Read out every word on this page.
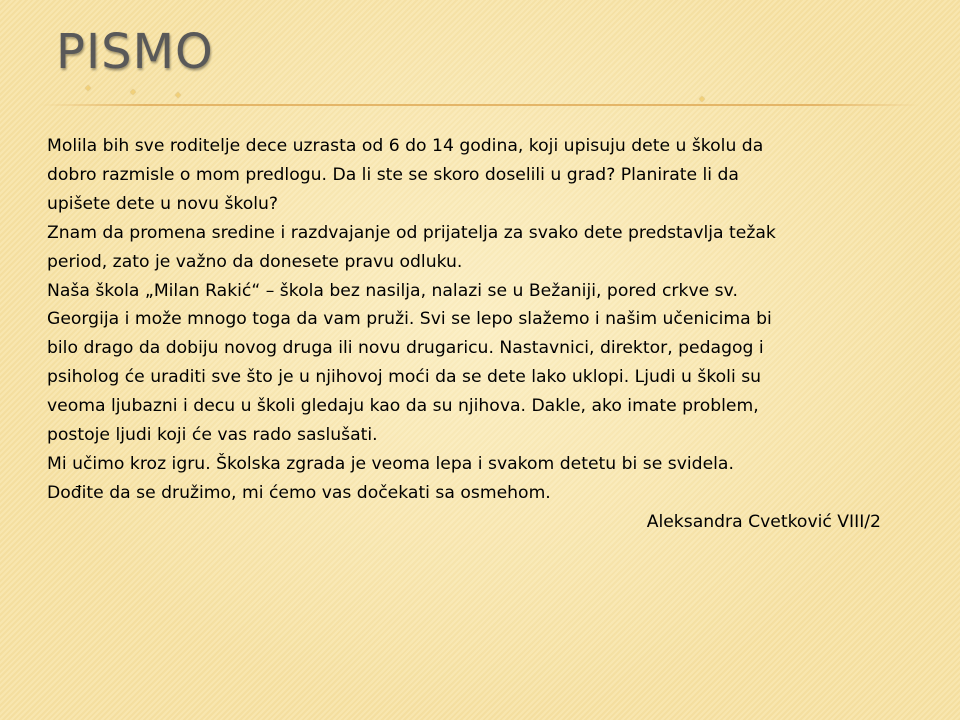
PISMO

Molila bih sve roditelje dece uzrasta od 6 do 14 godina, koji upisuju dete u školu da

dobro razmisle o mom predlogu. Da li ste se skoro doselili u grad? Planirate li da

upišete dete u novu školu?

Znam da promena sredine i razdvajanje od prijatelja za svako dete predstavlja težak

period, zato je važno da donesete pravu odluku.

Naša škola „Milan Rakić“ – škola bez nasilja, nalazi se u Bežaniji, pored crkve sv.

Georgija i može mnogo toga da vam pruži. Svi se lepo slažemo i našim učenicima bi

bilo drago da dobiju novog druga ili novu drugaricu. Nastavnici, direktor, pedagog i

psiholog će uraditi sve što je u njihovoj moći da se dete lako uklopi. Ljudi u školi su

veoma ljubazni i decu u školi gledaju kao da su njihova. Dakle, ako imate problem,

postoje ljudi koji će vas rado saslušati.

Mi učimo kroz igru. Školska zgrada je veoma lepa i svakom detetu bi se svidela.

Dođite da se družimo, mi ćemo vas dočekati sa osmehom.

Aleksandra Cvetković VIII/2
